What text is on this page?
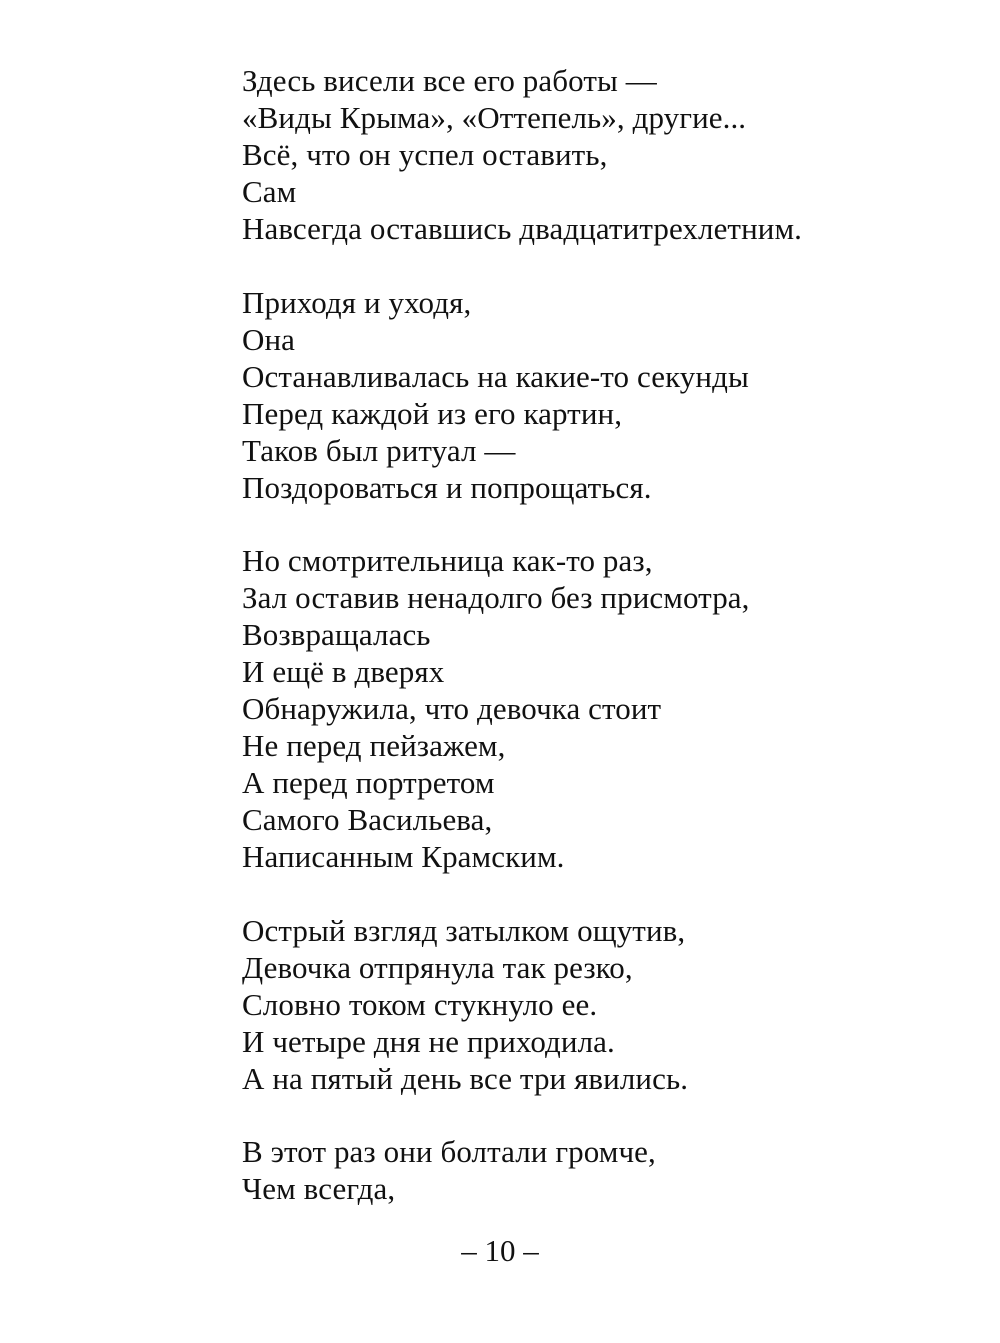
Здесь висели все его работы —
«Виды Крыма», «Оттепель», другие...
Всё, что он успел оставить,
Сам
Навсегда оставшись двадцатитрехлетним.
Приходя и уходя,
Она
Останавливалась на какие-то секунды
Перед каждой из его картин,
Таков был ритуал —
Поздороваться и попрощаться.
Но смотрительница как-то раз,
Зал оставив ненадолго без присмотра,
Возвращалась
И ещё в дверях
Обнаружила, что девочка стоит
Не перед пейзажем,
А перед портретом
Самого Васильева,
Написанным Крамским.
Острый взгляд затылком ощутив,
Девочка отпрянула так резко,
Словно током стукнуло ее.
И четыре дня не приходила.
А на пятый день все три явились.
В этот раз они болтали громче,
Чем всегда,
– 10 –
